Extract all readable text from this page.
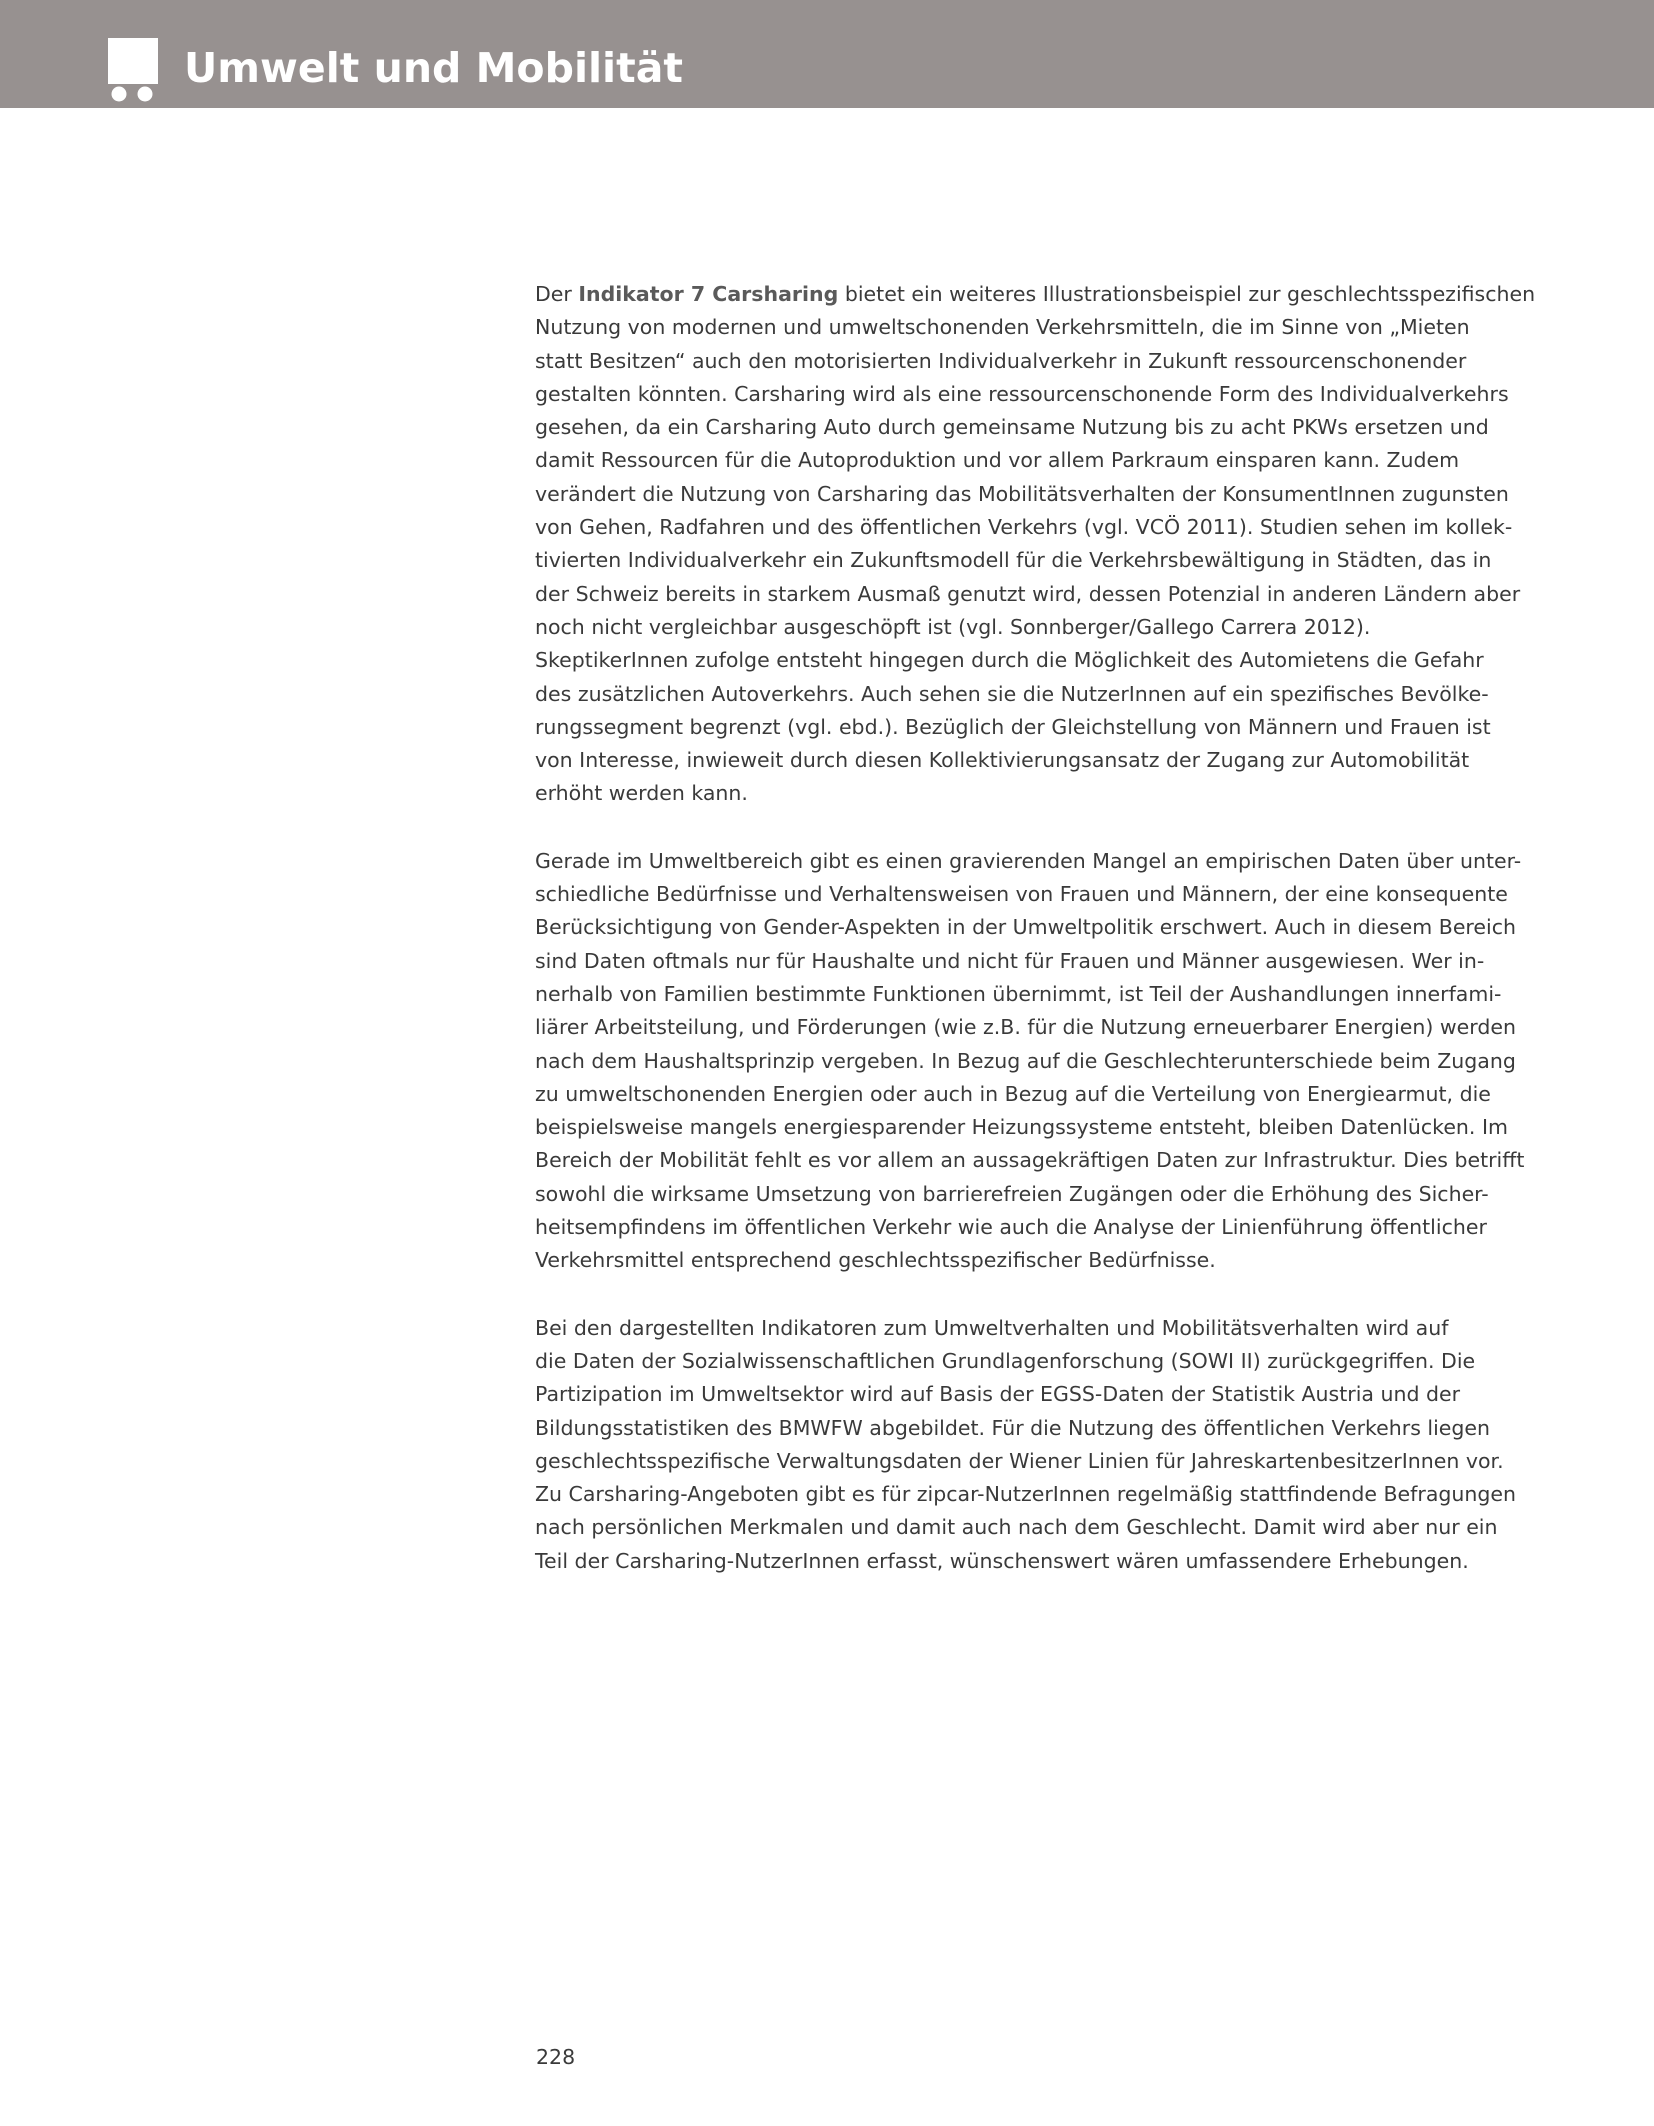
Umwelt und Mobilität
Der Indikator 7 Carsharing bietet ein weiteres Illustrationsbeispiel zur geschlechtsspezifischen
Nutzung von modernen und umweltschonenden Verkehrsmitteln, die im Sinne von „Mieten
statt Besitzen“ auch den motorisierten Individualverkehr in Zukunft ressourcenschonender
gestalten könnten. Carsharing wird als eine ressourcenschonende Form des Individualverkehrs
gesehen, da ein Carsharing Auto durch gemeinsame Nutzung bis zu acht PKWs ersetzen und
damit Ressourcen für die Autoproduktion und vor allem Parkraum einsparen kann. Zudem
verändert die Nutzung von Carsharing das Mobilitätsverhalten der KonsumentInnen zugunsten
von Gehen, Radfahren und des öffentlichen Verkehrs (vgl. VCÖ 2011). Studien sehen im kollek-
tivierten Individualverkehr ein Zukunftsmodell für die Verkehrsbewältigung in Städten, das in
der Schweiz bereits in starkem Ausmaß genutzt wird, dessen Potenzial in anderen Ländern aber
noch nicht vergleichbar ausgeschöpft ist (vgl. Sonnberger/Gallego Carrera 2012).
SkeptikerInnen zufolge entsteht hingegen durch die Möglichkeit des Automietens die Gefahr
des zusätzlichen Autoverkehrs. Auch sehen sie die NutzerInnen auf ein spezifisches Bevölke-
rungssegment begrenzt (vgl. ebd.). Bezüglich der Gleichstellung von Männern und Frauen ist
von Interesse, inwieweit durch diesen Kollektivierungsansatz der Zugang zur Automobilität
erhöht werden kann.
Gerade im Umweltbereich gibt es einen gravierenden Mangel an empirischen Daten über unter-
schiedliche Bedürfnisse und Verhaltensweisen von Frauen und Männern, der eine konsequente
Berücksichtigung von Gender-Aspekten in der Umweltpolitik erschwert. Auch in diesem Bereich
sind Daten oftmals nur für Haushalte und nicht für Frauen und Männer ausgewiesen. Wer in-
nerhalb von Familien bestimmte Funktionen übernimmt, ist Teil der Aushandlungen innerfami-
liärer Arbeitsteilung, und Förderungen (wie z.B. für die Nutzung erneuerbarer Energien) werden
nach dem Haushaltsprinzip vergeben. In Bezug auf die Geschlechterunterschiede beim Zugang
zu umweltschonenden Energien oder auch in Bezug auf die Verteilung von Energiearmut, die
beispielsweise mangels energiesparender Heizungssysteme entsteht, bleiben Datenlücken. Im
Bereich der Mobilität fehlt es vor allem an aussagekräftigen Daten zur Infrastruktur. Dies betrifft
sowohl die wirksame Umsetzung von barrierefreien Zugängen oder die Erhöhung des Sicher-
heitsempfindens im öffentlichen Verkehr wie auch die Analyse der Linienführung öffentlicher
Verkehrsmittel entsprechend geschlechtsspezifischer Bedürfnisse.
Bei den dargestellten Indikatoren zum Umweltverhalten und Mobilitätsverhalten wird auf
die Daten der Sozialwissenschaftlichen Grundlagenforschung (SOWI II) zurückgegriffen. Die
Partizipation im Umweltsektor wird auf Basis der EGSS-Daten der Statistik Austria und der
Bildungsstatistiken des BMWFW abgebildet. Für die Nutzung des öffentlichen Verkehrs liegen
geschlechtsspezifische Verwaltungsdaten der Wiener Linien für JahreskartenbesitzerInnen vor.
Zu Carsharing-Angeboten gibt es für zipcar-NutzerInnen regelmäßig stattfindende Befragungen
nach persönlichen Merkmalen und damit auch nach dem Geschlecht. Damit wird aber nur ein
Teil der Carsharing-NutzerInnen erfasst, wünschenswert wären umfassendere Erhebungen.
228
